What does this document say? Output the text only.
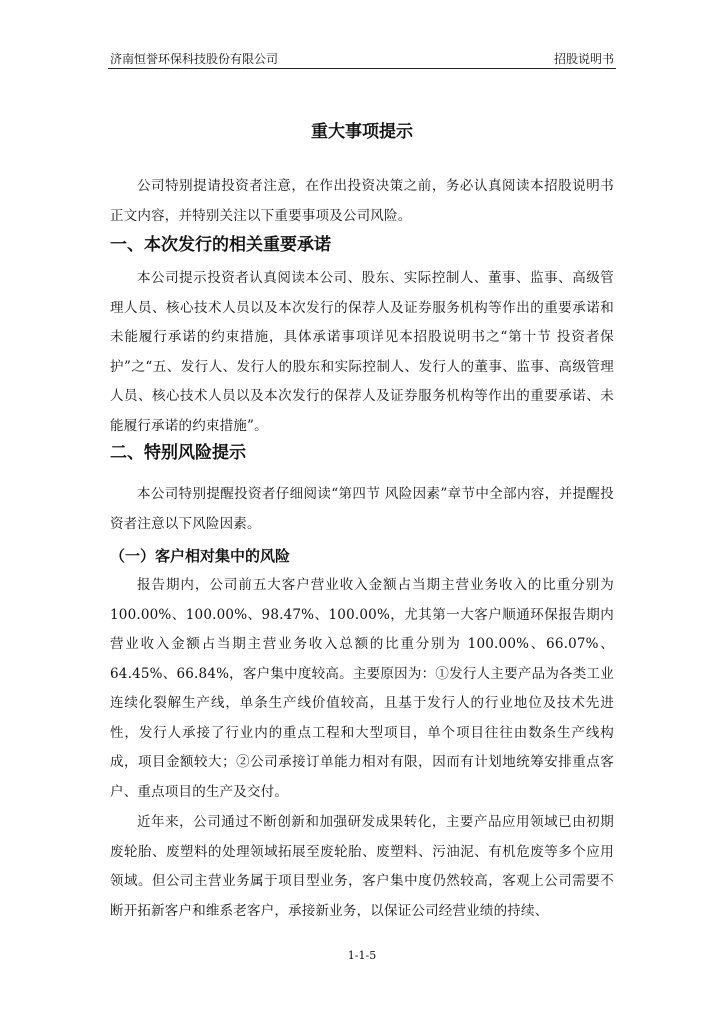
济南恒誉环保科技股份有限公司	招股说明书
重大事项提示
公司特别提请投资者注意，在作出投资决策之前，务必认真阅读本招股说明书正文内容，并特别关注以下重要事项及公司风险。
一、本次发行的相关重要承诺
本公司提示投资者认真阅读本公司、股东、实际控制人、董事、监事、高级管理人员、核心技术人员以及本次发行的保荐人及证券服务机构等作出的重要承诺和未能履行承诺的约束措施，具体承诺事项详见本招股说明书之“第十节 投资者保护”之“五、发行人、发行人的股东和实际控制人、发行人的董事、监事、高级管理人员、核心技术人员以及本次发行的保荐人及证券服务机构等作出的重要承诺、未能履行承诺的约束措施”。
二、特别风险提示
本公司特别提醒投资者仔细阅读“第四节 风险因素”章节中全部内容，并提醒投资者注意以下风险因素。
（一）客户相对集中的风险
报告期内，公司前五大客户营业收入金额占当期主营业务收入的比重分别为100.00%、100.00%、98.47%、100.00%，尤其第一大客户顺通环保报告期内营业收入金额占当期主营业务收入总额的比重分别为 100.00%、66.07%、64.45%、66.84%，客户集中度较高。主要原因为：①发行人主要产品为各类工业连续化裂解生产线，单条生产线价值较高，且基于发行人的行业地位及技术先进性，发行人承接了行业内的重点工程和大型项目，单个项目往往由数条生产线构成，项目金额较大；②公司承接订单能力相对有限，因而有计划地统筹安排重点客户、重点项目的生产及交付。
近年来，公司通过不断创新和加强研发成果转化，主要产品应用领域已由初期废轮胎、废塑料的处理领域拓展至废轮胎、废塑料、污油泥、有机危废等多个应用领域。但公司主营业务属于项目型业务，客户集中度仍然较高，客观上公司需要不断开拓新客户和维系老客户，承接新业务，以保证公司经营业绩的持续、
1-1-5
